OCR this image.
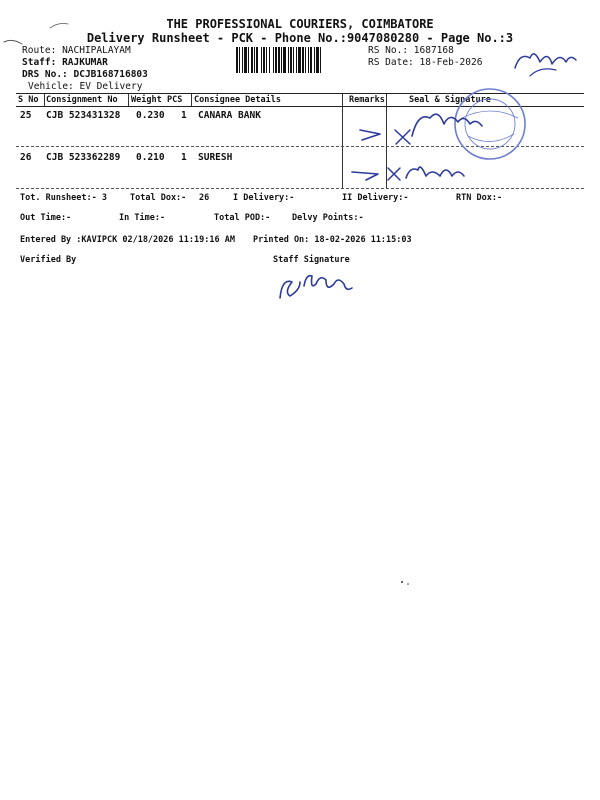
THE PROFESSIONAL COURIERS, COIMBATORE
Delivery Runsheet - PCK - Phone No.:9047080280 - Page No.:3
Route: NACHIPALAYAM
Staff: RAJKUMAR
DRS No.: DCJB168716803
Vehicle: EV Delivery
RS No.: 1687168
RS Date: 18-Feb-2026
S No Consignment No Weight PCS Consignee Details	Remarks	Seal & Signature
25 CJB 523431328 0.230 1 CANARA BANK
26 CJB 523362289 0.210 1 SURESH
Tot. Runsheet:- 3	Total Dox:- 26	I Delivery:-	II Delivery:-	RTN Dox:-
Out Time:-	In Time:-	Total POD:-	Delvy Points:-
Entered By :KAVIPCK 02/18/2026 11:19:16 AM Printed On: 18-02-2026 11:15:03
Verified By	Staff Signature
